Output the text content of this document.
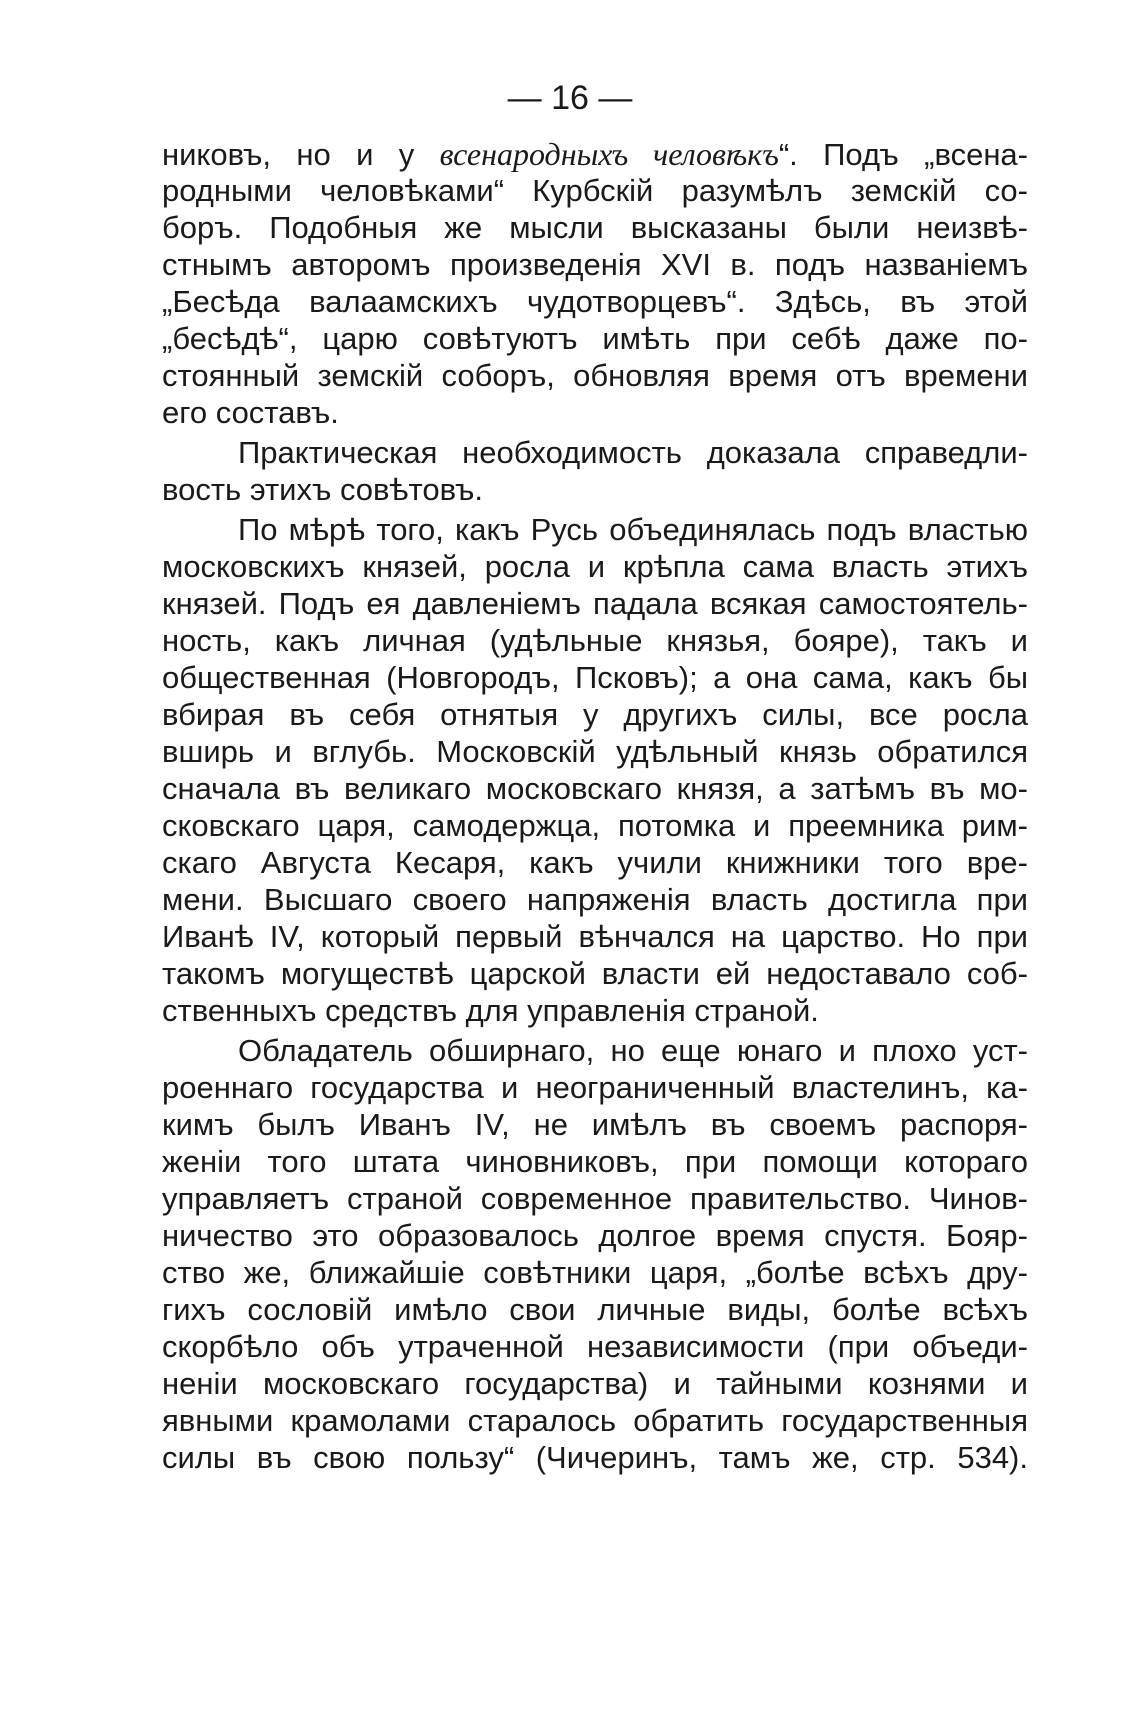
— 16 —
никовъ, но и у всенародныхъ человѣкъ“. Подъ „всена-
родными человѣками“ Курбскій разумѣлъ земскій со-
боръ. Подобныя же мысли высказаны были неизвѣ-
стнымъ авторомъ произведенія XVI в. подъ названіемъ
„Бесѣда валаамскихъ чудотворцевъ“. Здѣсь, въ этой
„бесѣдѣ“, царю совѣтуютъ имѣть при себѣ даже по-
стоянный земскій соборъ, обновляя время отъ времени
его составъ.
Практическая необходимость доказала справедли-
вость этихъ совѣтовъ.
По мѣрѣ того, какъ Русь объединялась подъ властью
московскихъ князей, росла и крѣпла сама власть этихъ
князей. Подъ ея давленіемъ падала всякая самостоятель-
ность, какъ личная (удѣльные князья, бояре), такъ и
общественная (Новгородъ, Псковъ); а она сама, какъ бы
вбирая въ себя отнятыя у другихъ силы, все росла
вширь и вглубь. Московскій удѣльный князь обратился
сначала въ великаго московскаго князя, а затѣмъ въ мо-
сковскаго царя, самодержца, потомка и преемника рим-
скаго Августа Кесаря, какъ учили книжники того вре-
мени. Высшаго своего напряженія власть достигла при
Иванѣ IV, который первый вѣнчался на царство. Но при
такомъ могуществѣ царской власти ей недоставало соб-
ственныхъ средствъ для управленія страной.
Обладатель обширнаго, но еще юнаго и плохо уст-
роеннаго государства и неограниченный властелинъ, ка-
кимъ былъ Иванъ IV, не имѣлъ въ своемъ распоря-
женіи того штата чиновниковъ, при помощи котораго
управляетъ страной современное правительство. Чинов-
ничество это образовалось долгое время спустя. Бояр-
ство же, ближайшіе совѣтники царя, „болѣе всѣхъ дру-
гихъ сословій имѣло свои личные виды, болѣе всѣхъ
скорбѣло объ утраченной независимости (при объеди-
неніи московскаго государства) и тайными кознями и
явными крамолами старалось обратить государственныя
силы въ свою пользу“ (Чичеринъ, тамъ же, стр. 534).
